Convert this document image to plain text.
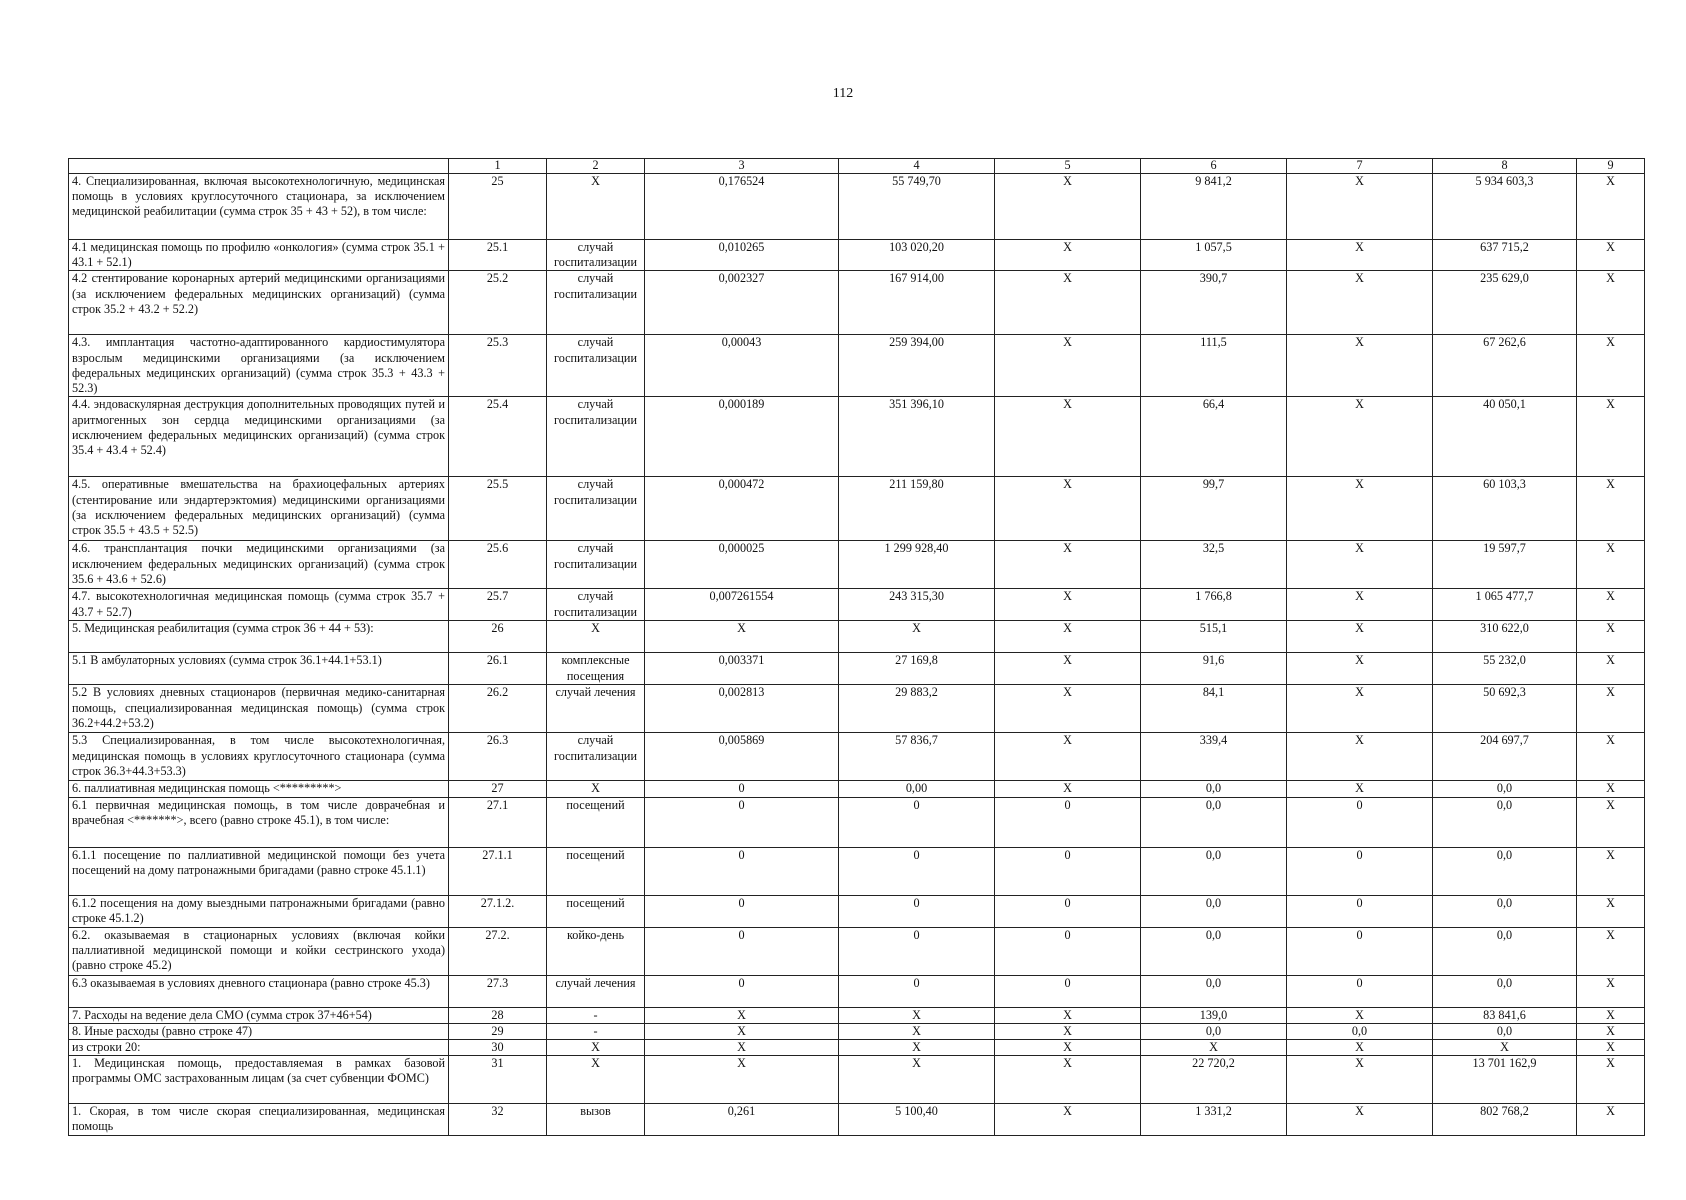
112
	1	2	3	4	5	6	7	8	9
4. Специализированная, включая высокотехнологичную, медицинская помощь в условиях круглосуточного стационара, за исключением медицинской реабилитации (сумма строк 35 + 43 + 52), в том числе:	25	X	0,176524	55 749,70	X	9 841,2	X	5 934 603,3	X
4.1 медицинская помощь по профилю «онкология» (сумма строк 35.1 + 43.1 + 52.1)	25.1	случай госпитализации	0,010265	103 020,20	X	1 057,5	X	637 715,2	X
4.2 стентирование коронарных артерий медицинскими организациями (за исключением федеральных медицинских организаций) (сумма строк 35.2 + 43.2 + 52.2)	25.2	случай госпитализации	0,002327	167 914,00	X	390,7	X	235 629,0	X
4.3. имплантация частотно-адаптированного кардиостимулятора взрослым медицинскими организациями (за исключением федеральных медицинских организаций) (сумма строк 35.3 + 43.3 + 52.3)	25.3	случай госпитализации	0,00043	259 394,00	X	111,5	X	67 262,6	X
4.4. эндоваскулярная деструкция дополнительных проводящих путей и аритмогенных зон сердца медицинскими организациями (за исключением федеральных медицинских организаций) (сумма строк 35.4 + 43.4 + 52.4)	25.4	случай госпитализации	0,000189	351 396,10	X	66,4	X	40 050,1	X
4.5. оперативные вмешательства на брахиоцефальных артериях (стентирование или эндартерэктомия) медицинскими организациями (за исключением федеральных медицинских организаций) (сумма строк 35.5 + 43.5 + 52.5)	25.5	случай госпитализации	0,000472	211 159,80	X	99,7	X	60 103,3	X
4.6. трансплантация почки медицинскими организациями (за исключением федеральных медицинских организаций) (сумма строк 35.6 + 43.6 + 52.6)	25.6	случай госпитализации	0,000025	1 299 928,40	X	32,5	X	19 597,7	X
4.7. высокотехнологичная медицинская помощь (сумма строк 35.7 + 43.7 + 52.7)	25.7	случай госпитализации	0,007261554	243 315,30	X	1 766,8	X	1 065 477,7	X
5. Медицинская реабилитация (сумма строк 36 + 44 + 53):	26	X	X	X	X	515,1	X	310 622,0	X
5.1 В амбулаторных условиях (сумма строк 36.1+44.1+53.1)	26.1	комплексные посещения	0,003371	27 169,8	X	91,6	X	55 232,0	X
5.2 В условиях дневных стационаров (первичная медико-санитарная помощь, специализированная медицинская помощь) (сумма строк 36.2+44.2+53.2)	26.2	случай лечения	0,002813	29 883,2	X	84,1	X	50 692,3	X
5.3 Специализированная, в том числе высокотехнологичная, медицинская помощь в условиях круглосуточного стационара (сумма строк 36.3+44.3+53.3)	26.3	случай госпитализации	0,005869	57 836,7	X	339,4	X	204 697,7	X
6. паллиативная медицинская помощь <*********>	27	X	0	0,00	X	0,0	X	0,0	X
6.1 первичная медицинская помощь, в том числе доврачебная и врачебная <*******>, всего (равно строке 45.1), в том числе:	27.1	посещений	0	0	0	0,0	0	0,0	X
6.1.1 посещение по паллиативной медицинской помощи без учета посещений на дому патронажными бригадами (равно строке 45.1.1)	27.1.1	посещений	0	0	0	0,0	0	0,0	X
6.1.2 посещения на дому выездными патронажными бригадами (равно строке 45.1.2)	27.1.2.	посещений	0	0	0	0,0	0	0,0	X
6.2. оказываемая в стационарных условиях (включая койки паллиативной медицинской помощи и койки сестринского ухода) (равно строке 45.2)	27.2.	койко-день	0	0	0	0,0	0	0,0	X
6.3 оказываемая в условиях дневного стационара (равно строке 45.3)	27.3	случай лечения	0	0	0	0,0	0	0,0	X
7. Расходы на ведение дела СМО (сумма строк 37+46+54)	28	-	X	X	X	139,0	X	83 841,6	X
8. Иные расходы (равно строке 47)	29	-	X	X	X	0,0	0,0	0,0	X
из строки 20:	30	X	X	X	X	X	X	X	X
1. Медицинская помощь, предоставляемая в рамках базовой программы ОМС застрахованным лицам (за счет субвенции ФОМС)	31	X	X	X	X	22 720,2	X	13 701 162,9	X
1. Скорая, в том числе скорая специализированная, медицинская помощь	32	вызов	0,261	5 100,40	X	1 331,2	X	802 768,2	X
